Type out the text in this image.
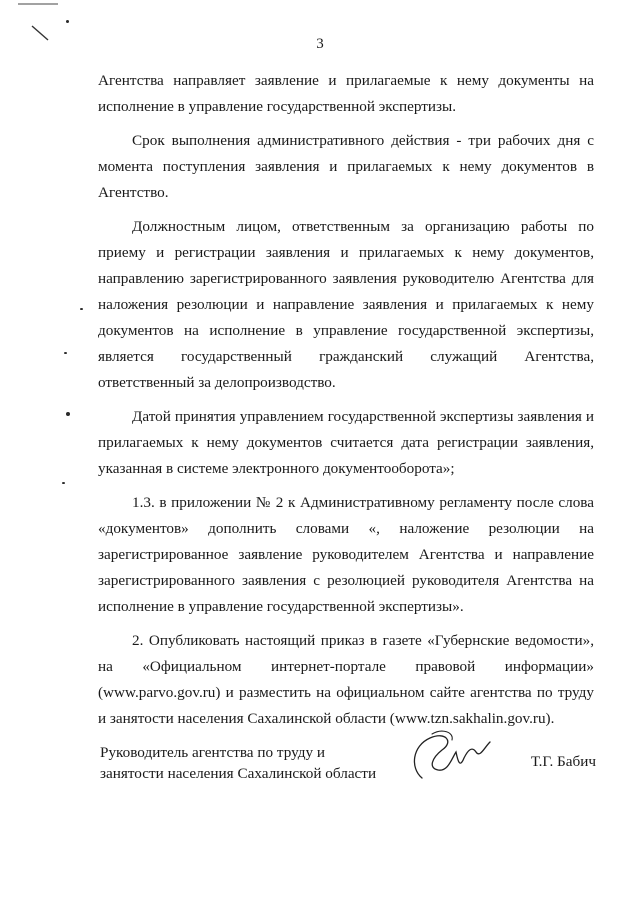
3

Агентства направляет заявление и прилагаемые к нему документы на исполнение в управление государственной экспертизы.

Срок выполнения административного действия - три рабочих дня с момента поступления заявления и прилагаемых к нему документов в Агентство.

Должностным лицом, ответственным за организацию работы по приему и регистрации заявления и прилагаемых к нему документов, направлению зарегистрированного заявления руководителю Агентства для наложения резолюции и направление заявления и прилагаемых к нему документов на исполнение в управление государственной экспертизы, является государственный гражданский служащий Агентства, ответственный за делопроизводство.

Датой принятия управлением государственной экспертизы заявления и прилагаемых к нему документов считается дата регистрации заявления, указанная в системе электронного документооборота»;

1.3. в приложении № 2 к Административному регламенту после слова «документов» дополнить словами «, наложение резолюции на зарегистрированное заявление руководителем Агентства и направление зарегистрированного заявления с резолюцией руководителя Агентства на исполнение в управление государственной экспертизы».

2. Опубликовать настоящий приказ в газете «Губернские ведомости», на «Официальном интернет-портале правовой информации» (www.parvo.gov.ru) и разместить на официальном сайте агентства по труду и занятости населения Сахалинской области (www.tzn.sakhalin.gov.ru).

Руководитель агентства по труду и
занятости населения Сахалинской области
Т.Г. Бабич
